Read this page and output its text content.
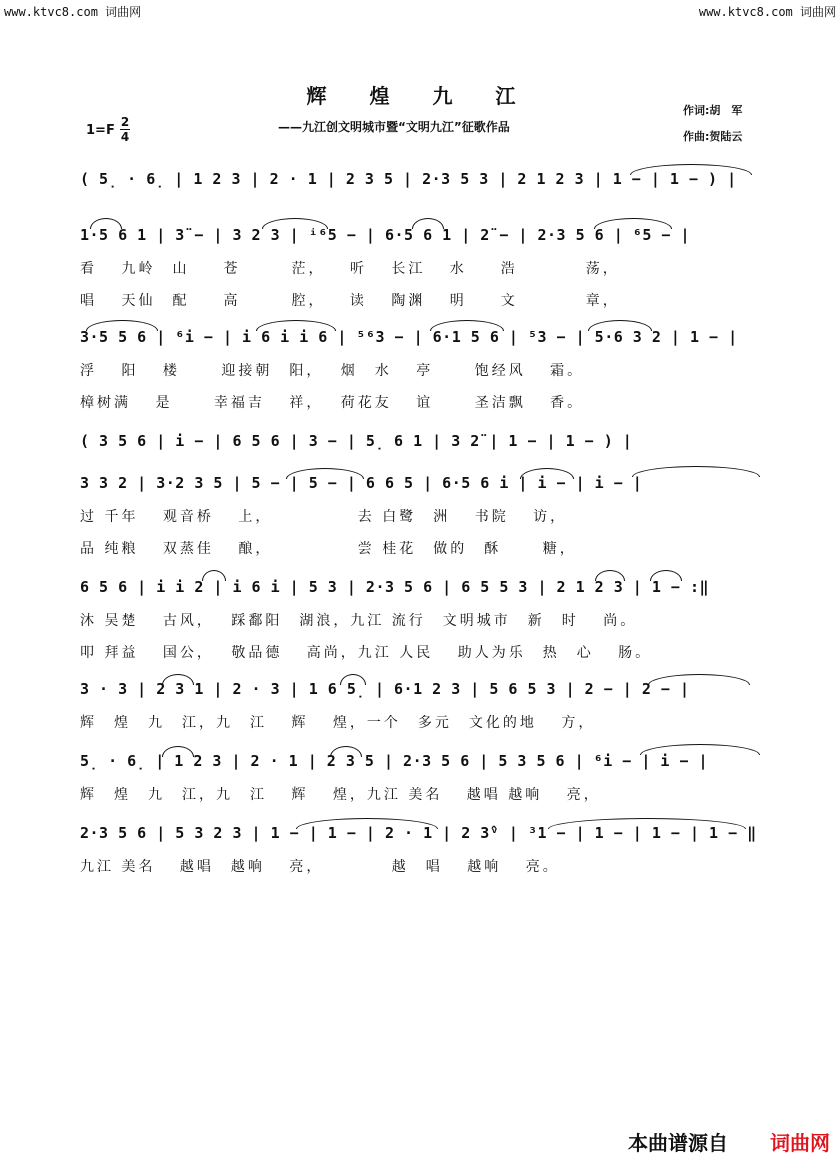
www.ktvc8.com 词曲网	www.ktvc8.com 词曲网
辉 煌 九 江
——九江创文明城市暨“文明九江”征歌作品
1=F
2
4
作词:胡　军
作曲:贺陆云
( 5̣ · 6̣ | 1 2 3 | 2 · 1 | 2 3 5 | 2·3 5 3 | 2 1 2 3 | 1 − | 1 − ) |
1·5 6 1 | 3̈ − | 3 2 3 | ⁱ⁶5 − | 6·5 6 1 | 2̈ − | 2·3 5 6 | ⁶5 − |
看　 九岭　山　　苍　　　茫， 　听　 长江　 水　　浩　　　　荡，
唱　 天仙　配　　高　　　腔， 　读　 陶渊　 明　　文　　　　章，
3·5 5 6 | ⁶i − | i 6 i i 6 | ⁵⁶3 − | 6·1 5 6 | ⁵3 − | 5·6 3 2 | 1 − |
浮　 阳　 楼　 　迎接朝　阳，　 烟　水　 亭　　 饱经风　 霜。
樟树满　 是　 　幸福吉　 祥，　 荷花友　 谊　　 圣洁飘　 香。
( 3 5 6 | i − | 6 5 6 | 3 − | 5̣ 6 1 | 3 2̈ | 1 − | 1 − ) |
3 3 2 | 3·2 3 5 | 5 − | 5 − | 6 6 5 | 6·5 6 i | i − | i − |
过 千年　 观音桥　 上，　　　　　 去 白鹭　洲　 书院　 访，
品 纯粮　 双蒸佳　 酿，　　　　　 尝 桂花　做的　酥　　 糖，
6 5 6 | i i 2 | i 6 i | 5 3 | 2·3 5 6 | 6 5 5 3 | 2 1 2 3 | 1 − :‖
沐 吴楚　 古风，　 踩鄱阳　湖浪，九江 流行　文明城市　新　时　 尚。
叩 拜益　 国公，　 敬品德　 高尚，九江 人民　 助人为乐　热　心　 肠。
3 · 3 | 2 3 1 | 2 · 3 | 1 6 5̣ | 6·1 2 3 | 5 6 5 3 | 2 − | 2 − |
辉　煌　九　江，九　江　 辉　 煌，一个　多元　文化的地　 方，
5̣ · 6̣ | 1 2 3 | 2 · 1 | 2 3 5 | 2·3 5 6 | 5 3 5 6 | ⁶i − | i − |
辉　煌　九　江，九　江　 辉　 煌，九江 美名　 越唱 越响　 亮，
2·3 5 6 | 5 3 2 3 | 1 − | 1 − | 2 · 1 | 2 3̂ᵛ | ³1 − | 1 − | 1 − | 1 − ‖
九江 美名　 越唱　越响　 亮，　　　　 越　唱　 越响　 亮。
本曲谱源自 词曲网
